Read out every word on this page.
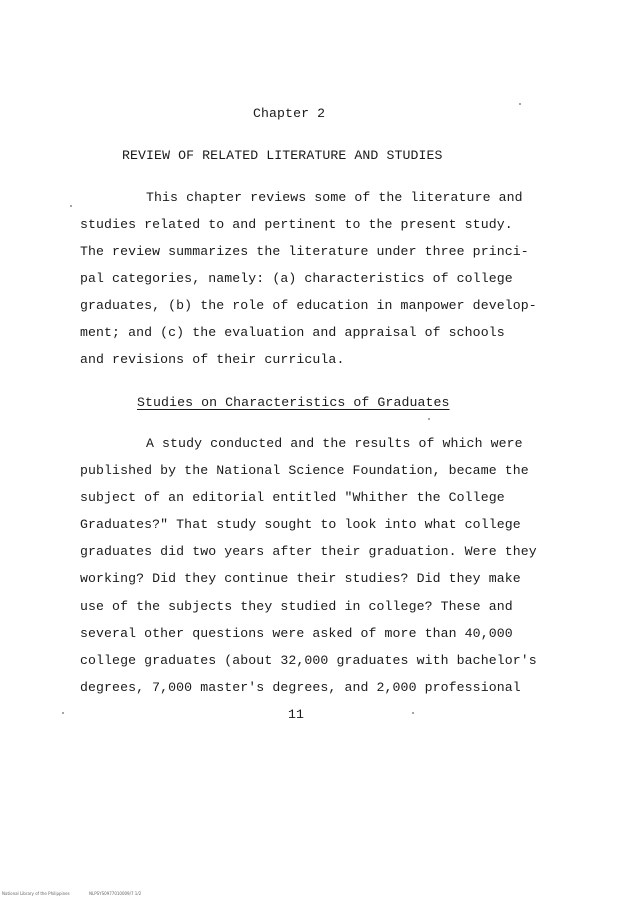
Chapter 2
REVIEW OF RELATED LITERATURE AND STUDIES
This chapter reviews some of the literature and
studies related to and pertinent to the present study.
The review summarizes the literature under three princi-
pal categories, namely: (a) characteristics of college
graduates, (b) the role of education in manpower develop-
ment; and (c) the evaluation and appraisal of schools
and revisions of their curricula.
Studies on Characteristics of Graduates
A study conducted and the results of which were
published by the National Science Foundation, became the
subject of an editorial entitled "Whither the College
Graduates?" That study sought to look into what college
graduates did two years after their graduation. Were they
working? Did they continue their studies? Did they make
use of the subjects they studied in college? These and
several other questions were asked of more than 40,000
college graduates (about 32,000 graduates with bachelor's
degrees, 7,000 master's degrees, and 2,000 professional
11
National Library of the Philippines	NLPSYS0977010009/7 1/2
